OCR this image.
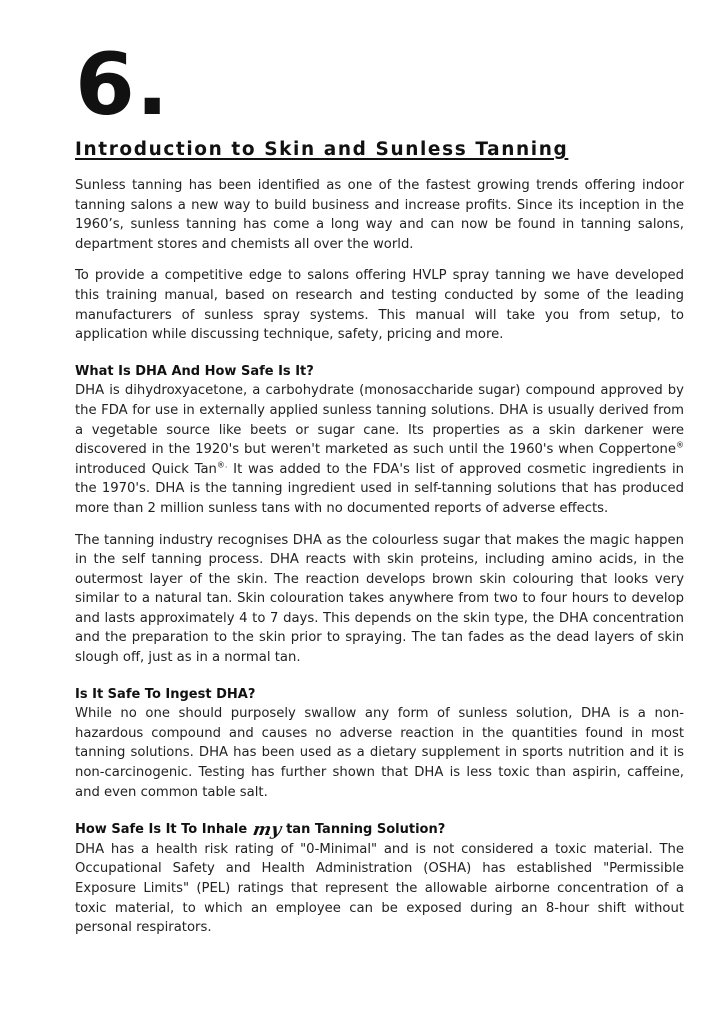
6.
Introduction to Skin and Sunless Tanning

Sunless tanning has been identified as one of the fastest growing trends offering indoor tanning salons a new way to build business and increase profits. Since its inception in the 1960’s, sunless tanning has come a long way and can now be found in tanning salons, department stores and chemists all over the world.

To provide a competitive edge to salons offering HVLP spray tanning we have developed this training manual, based on research and testing conducted by some of the leading manufacturers of sunless spray systems. This manual will take you from setup, to application while discussing technique, safety, pricing and more.

What Is DHA And How Safe Is It?

DHA is dihydroxyacetone, a carbohydrate (monosaccharide sugar) compound approved by the FDA for use in externally applied sunless tanning solutions. DHA is usually derived from a vegetable source like beets or sugar cane. Its properties as a skin darkener were discovered in the 1920's but weren't marketed as such until the 1960's when Coppertone® introduced Quick Tan®. It was added to the FDA's list of approved cosmetic ingredients in the 1970's. DHA is the tanning ingredient used in self-tanning solutions that has produced more than 2 million sunless tans with no documented reports of adverse effects.

The tanning industry recognises DHA as the colourless sugar that makes the magic happen in the self tanning process. DHA reacts with skin proteins, including amino acids, in the outermost layer of the skin. The reaction develops brown skin colouring that looks very similar to a natural tan. Skin colouration takes anywhere from two to four hours to develop and lasts approximately 4 to 7 days. This depends on the skin type, the DHA concentration and the preparation to the skin prior to spraying. The tan fades as the dead layers of skin slough off, just as in a normal tan.

Is It Safe To Ingest DHA?

While no one should purposely swallow any form of sunless solution, DHA is a non-hazardous compound and causes no adverse reaction in the quantities found in most tanning solutions. DHA has been used as a dietary supplement in sports nutrition and it is non-carcinogenic. Testing has further shown that DHA is less toxic than aspirin, caffeine, and even common table salt.

How Safe Is It To Inhale my tan Tanning Solution?

DHA has a health risk rating of "0-Minimal" and is not considered a toxic material. The Occupational Safety and Health Administration (OSHA) has established "Permissible Exposure Limits" (PEL) ratings that represent the allowable airborne concentration of a toxic material, to which an employee can be exposed during an 8-hour shift without personal respirators.
